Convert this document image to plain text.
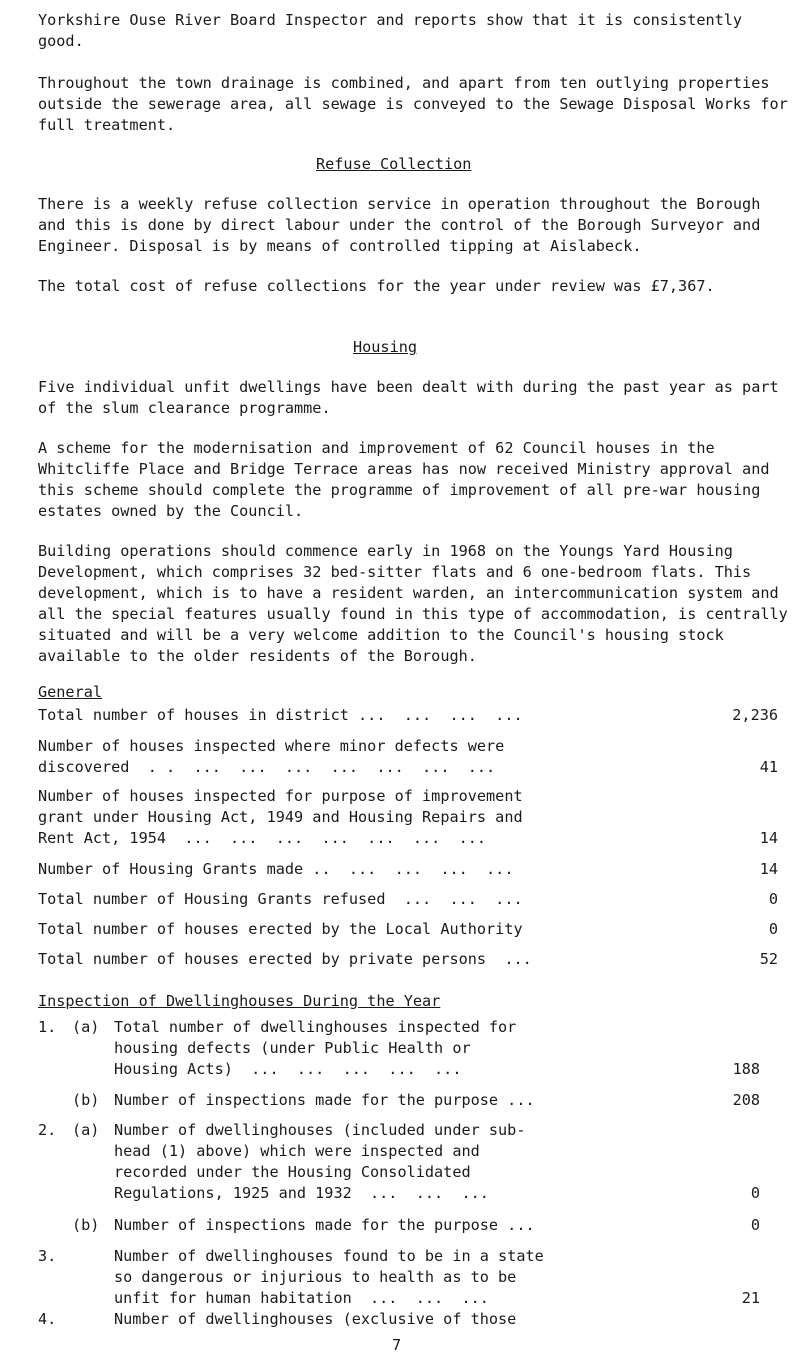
Yorkshire Ouse River Board Inspector and reports show that it is consistently good.

Throughout the town drainage is combined, and apart from ten outlying properties outside the sewerage area, all sewage is conveyed to the Sewage Disposal Works for full treatment.

Refuse Collection

There is a weekly refuse collection service in operation throughout the Borough and this is done by direct labour under the control of the Borough Surveyor and Engineer. Disposal is by means of controlled tipping at Aislabeck.

The total cost of refuse collections for the year under review was £7,367.

Housing

Five individual unfit dwellings have been dealt with during the past year as part of the slum clearance programme.

A scheme for the modernisation and improvement of 62 Council houses in the Whitcliffe Place and Bridge Terrace areas has now received Ministry approval and this scheme should complete the programme of improvement of all pre-war housing estates owned by the Council.

Building operations should commence early in 1968 on the Youngs Yard Housing Development, which comprises 32 bed-sitter flats and 6 one-bedroom flats. This development, which is to have a resident warden, an intercommunication system and all the special features usually found in this type of accommodation, is centrally situated and will be a very welcome addition to the Council's housing stock available to the older residents of the Borough.

General

Total number of houses in district ...  ...  ...  ...	2,236
Number of houses inspected where minor defects were
discovered  . .  ...  ...  ...  ...  ...  ...  ...	41
Number of houses inspected for purpose of improvement
grant under Housing Act, 1949 and Housing Repairs and
Rent Act, 1954  ...  ...  ...  ...  ...  ...  ...	14
Number of Housing Grants made ..  ...  ...  ...  ...	14
Total number of Housing Grants refused  ...  ...  ...	0
Total number of houses erected by the Local Authority	0
Total number of houses erected by private persons  ...	52

Inspection of Dwellinghouses During the Year

1. (a) Total number of dwellinghouses inspected for
housing defects (under Public Health or
Housing Acts)  ...  ...  ...  ...  ...	188
(b) Number of inspections made for the purpose ...	208
2. (a) Number of dwellinghouses (included under sub-
head (1) above) which were inspected and
recorded under the Housing Consolidated
Regulations, 1925 and 1932  ...  ...  ...	0
(b) Number of inspections made for the purpose ...	0
3.	Number of dwellinghouses found to be in a state
so dangerous or injurious to health as to be
unfit for human habitation  ...  ...  ...	21
7
4.	Number of dwellinghouses (exclusive of those
